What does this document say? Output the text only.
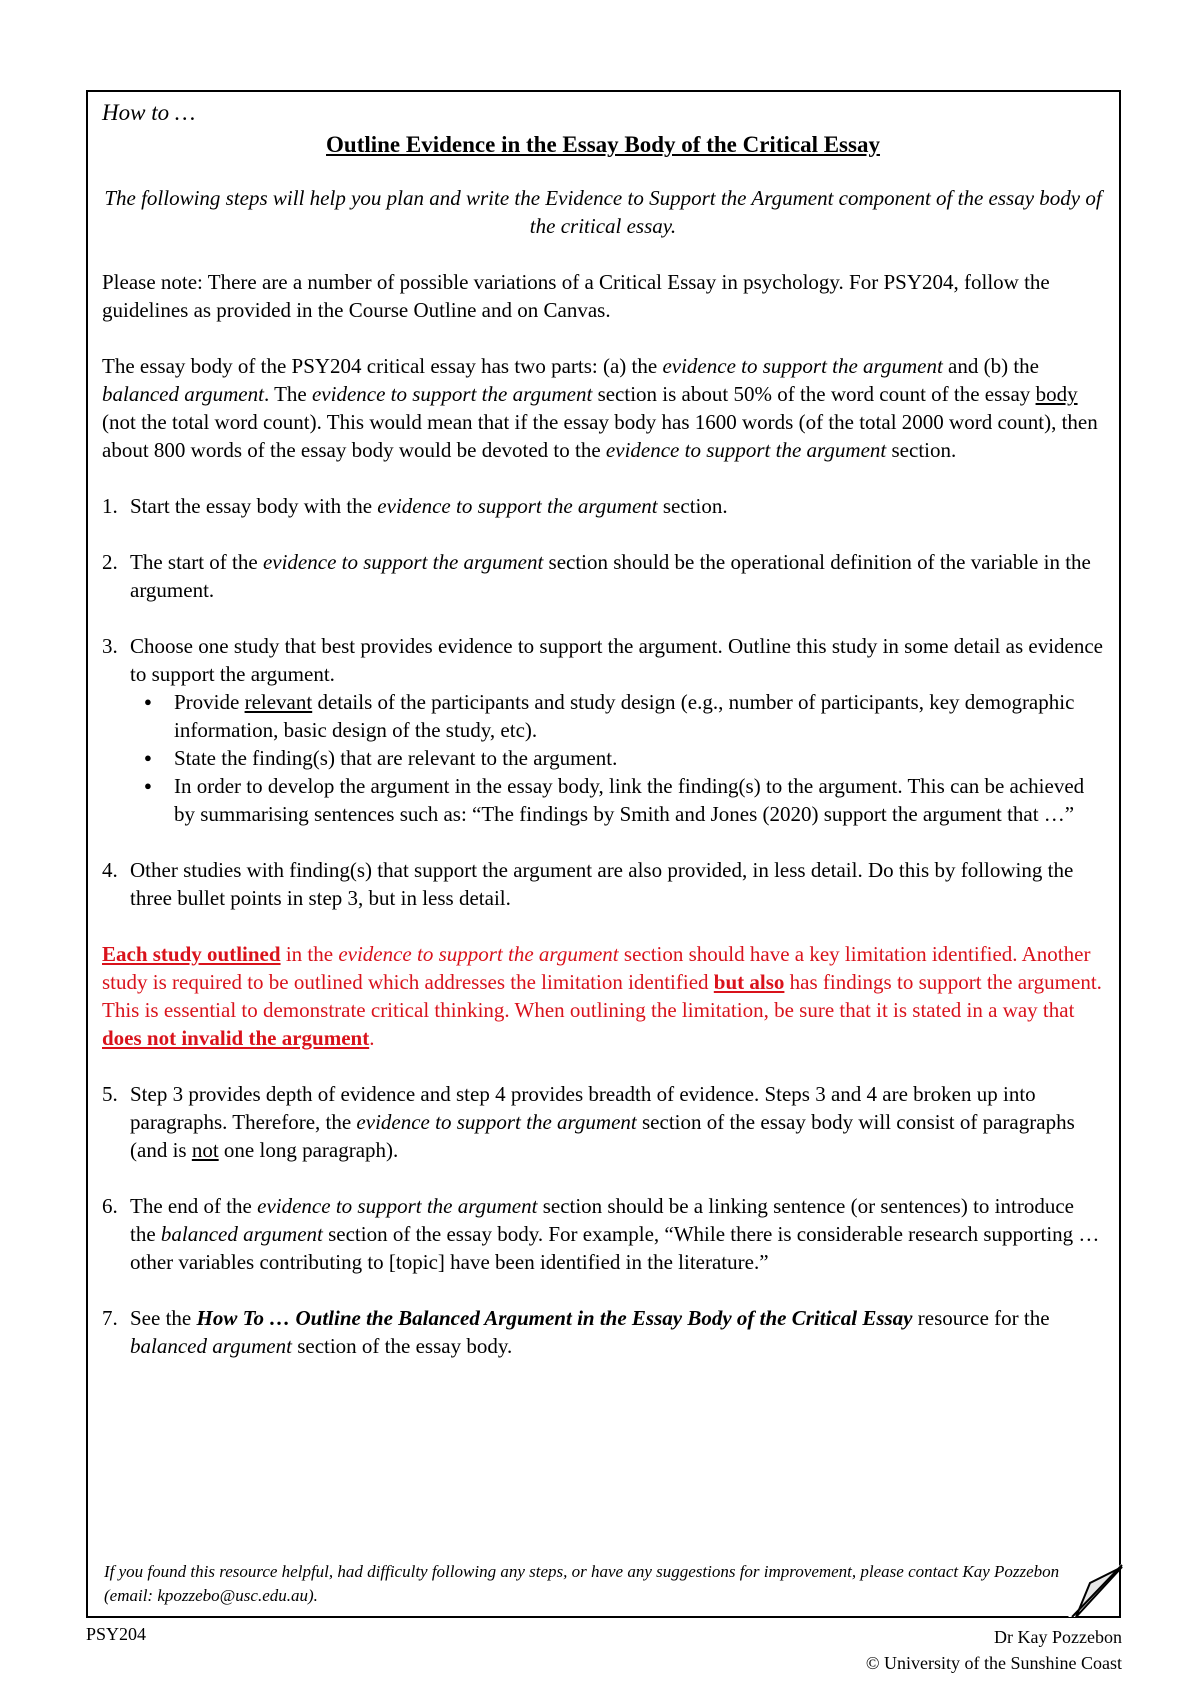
How to …

Outline Evidence in the Essay Body of the Critical Essay

The following steps will help you plan and write the Evidence to Support the Argument component of the essay body of the critical essay.

Please note: There are a number of possible variations of a Critical Essay in psychology. For PSY204, follow the guidelines as provided in the Course Outline and on Canvas.

The essay body of the PSY204 critical essay has two parts: (a) the evidence to support the argument and (b) the balanced argument. The evidence to support the argument section is about 50% of the word count of the essay body (not the total word count). This would mean that if the essay body has 1600 words (of the total 2000 word count), then about 800 words of the essay body would be devoted to the evidence to support the argument section.

1. Start the essay body with the evidence to support the argument section.

2. The start of the evidence to support the argument section should be the operational definition of the variable in the argument.

3. Choose one study that best provides evidence to support the argument. Outline this study in some detail as evidence to support the argument.
● Provide relevant details of the participants and study design (e.g., number of participants, key demographic information, basic design of the study, etc).
● State the finding(s) that are relevant to the argument.
● In order to develop the argument in the essay body, link the finding(s) to the argument. This can be achieved by summarising sentences such as: “The findings by Smith and Jones (2020) support the argument that …”

4. Other studies with finding(s) that support the argument are also provided, in less detail. Do this by following the three bullet points in step 3, but in less detail.

Each study outlined in the evidence to support the argument section should have a key limitation identified. Another study is required to be outlined which addresses the limitation identified but also has findings to support the argument. This is essential to demonstrate critical thinking. When outlining the limitation, be sure that it is stated in a way that does not invalid the argument.

5. Step 3 provides depth of evidence and step 4 provides breadth of evidence. Steps 3 and 4 are broken up into paragraphs. Therefore, the evidence to support the argument section of the essay body will consist of paragraphs (and is not one long paragraph).

6. The end of the evidence to support the argument section should be a linking sentence (or sentences) to introduce the balanced argument section of the essay body. For example, “While there is considerable research supporting … other variables contributing to [topic] have been identified in the literature.”

7. See the How To … Outline the Balanced Argument in the Essay Body of the Critical Essay resource for the balanced argument section of the essay body.

If you found this resource helpful, had difficulty following any steps, or have any suggestions for improvement, please contact Kay Pozzebon (email: kpozzebo@usc.edu.au).

PSY204	Dr Kay Pozzebon
© University of the Sunshine Coast
